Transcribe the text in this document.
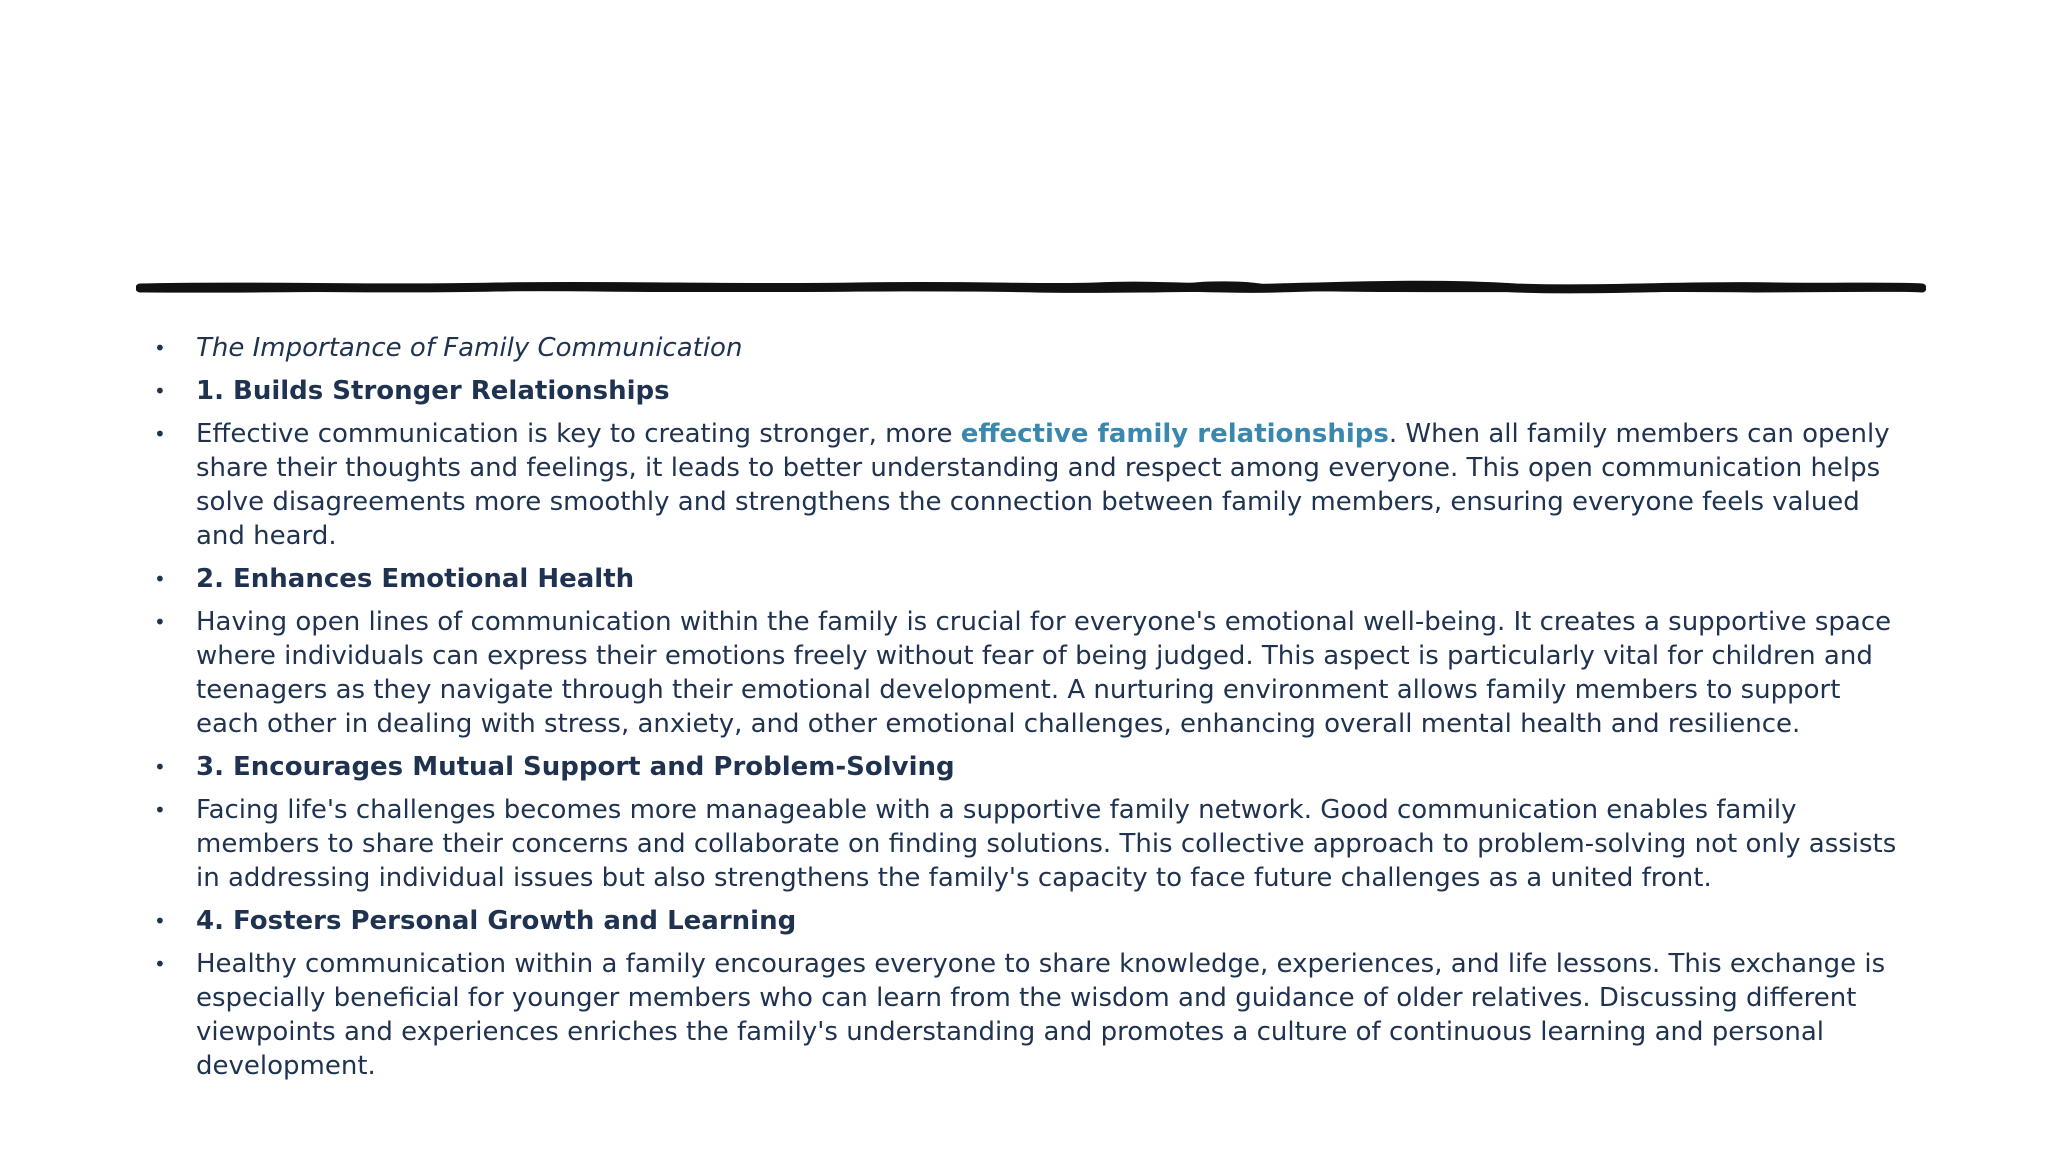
• The Importance of Family Communication
• 1. Builds Stronger Relationships
• Effective communication is key to creating stronger, more effective family relationships. When all family members can openly share their thoughts and feelings, it leads to better understanding and respect among everyone. This open communication helps solve disagreements more smoothly and strengthens the connection between family members, ensuring everyone feels valued and heard.
• 2. Enhances Emotional Health
• Having open lines of communication within the family is crucial for everyone's emotional well-being. It creates a supportive space where individuals can express their emotions freely without fear of being judged. This aspect is particularly vital for children and teenagers as they navigate through their emotional development. A nurturing environment allows family members to support each other in dealing with stress, anxiety, and other emotional challenges, enhancing overall mental health and resilience.
• 3. Encourages Mutual Support and Problem-Solving
• Facing life's challenges becomes more manageable with a supportive family network. Good communication enables family members to share their concerns and collaborate on finding solutions. This collective approach to problem-solving not only assists in addressing individual issues but also strengthens the family's capacity to face future challenges as a united front.
• 4. Fosters Personal Growth and Learning
• Healthy communication within a family encourages everyone to share knowledge, experiences, and life lessons. This exchange is especially beneficial for younger members who can learn from the wisdom and guidance of older relatives. Discussing different viewpoints and experiences enriches the family's understanding and promotes a culture of continuous learning and personal development.
